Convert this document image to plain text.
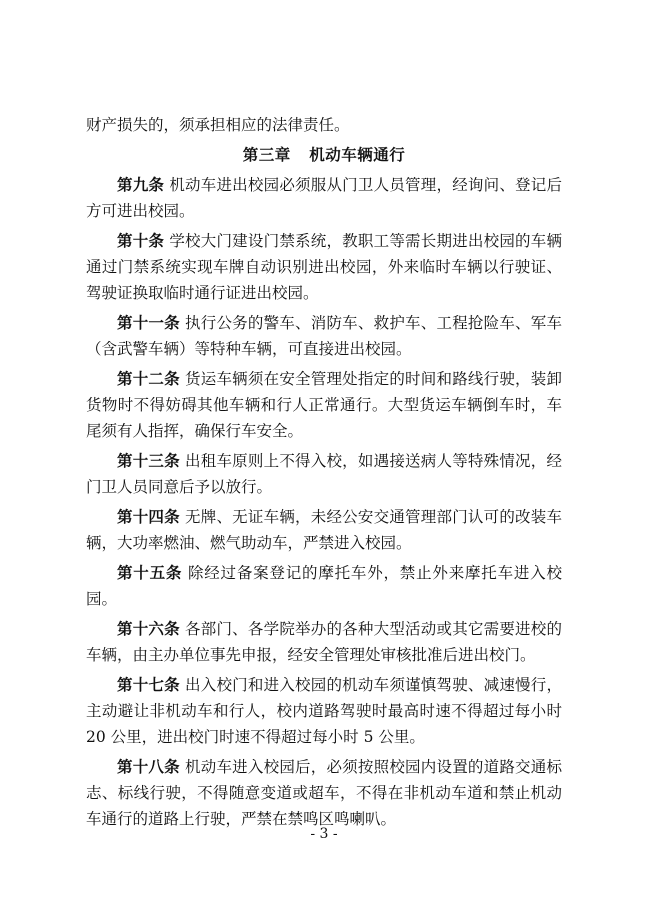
财产损失的，须承担相应的法律责任。

第三章 机动车辆通行

第九条 机动车进出校园必须服从门卫人员管理，经询问、登记后方可进出校园。

第十条 学校大门建设门禁系统，教职工等需长期进出校园的车辆通过门禁系统实现车牌自动识别进出校园，外来临时车辆以行驶证、驾驶证换取临时通行证进出校园。

第十一条 执行公务的警车、消防车、救护车、工程抢险车、军车（含武警车辆）等特种车辆，可直接进出校园。

第十二条 货运车辆须在安全管理处指定的时间和路线行驶，装卸货物时不得妨碍其他车辆和行人正常通行。大型货运车辆倒车时，车尾须有人指挥，确保行车安全。

第十三条 出租车原则上不得入校，如遇接送病人等特殊情况，经门卫人员同意后予以放行。

第十四条 无牌、无证车辆，未经公安交通管理部门认可的改装车辆，大功率燃油、燃气助动车，严禁进入校园。

第十五条 除经过备案登记的摩托车外，禁止外来摩托车进入校园。

第十六条 各部门、各学院举办的各种大型活动或其它需要进校的车辆，由主办单位事先申报，经安全管理处审核批准后进出校门。

第十七条 出入校门和进入校园的机动车须谨慎驾驶、减速慢行，主动避让非机动车和行人，校内道路驾驶时最高时速不得超过每小时 20 公里，进出校门时速不得超过每小时 5 公里。

第十八条 机动车进入校园后，必须按照校园内设置的道路交通标志、标线行驶，不得随意变道或超车，不得在非机动车道和禁止机动车通行的道路上行驶，严禁在禁鸣区鸣喇叭。

- 3 -
